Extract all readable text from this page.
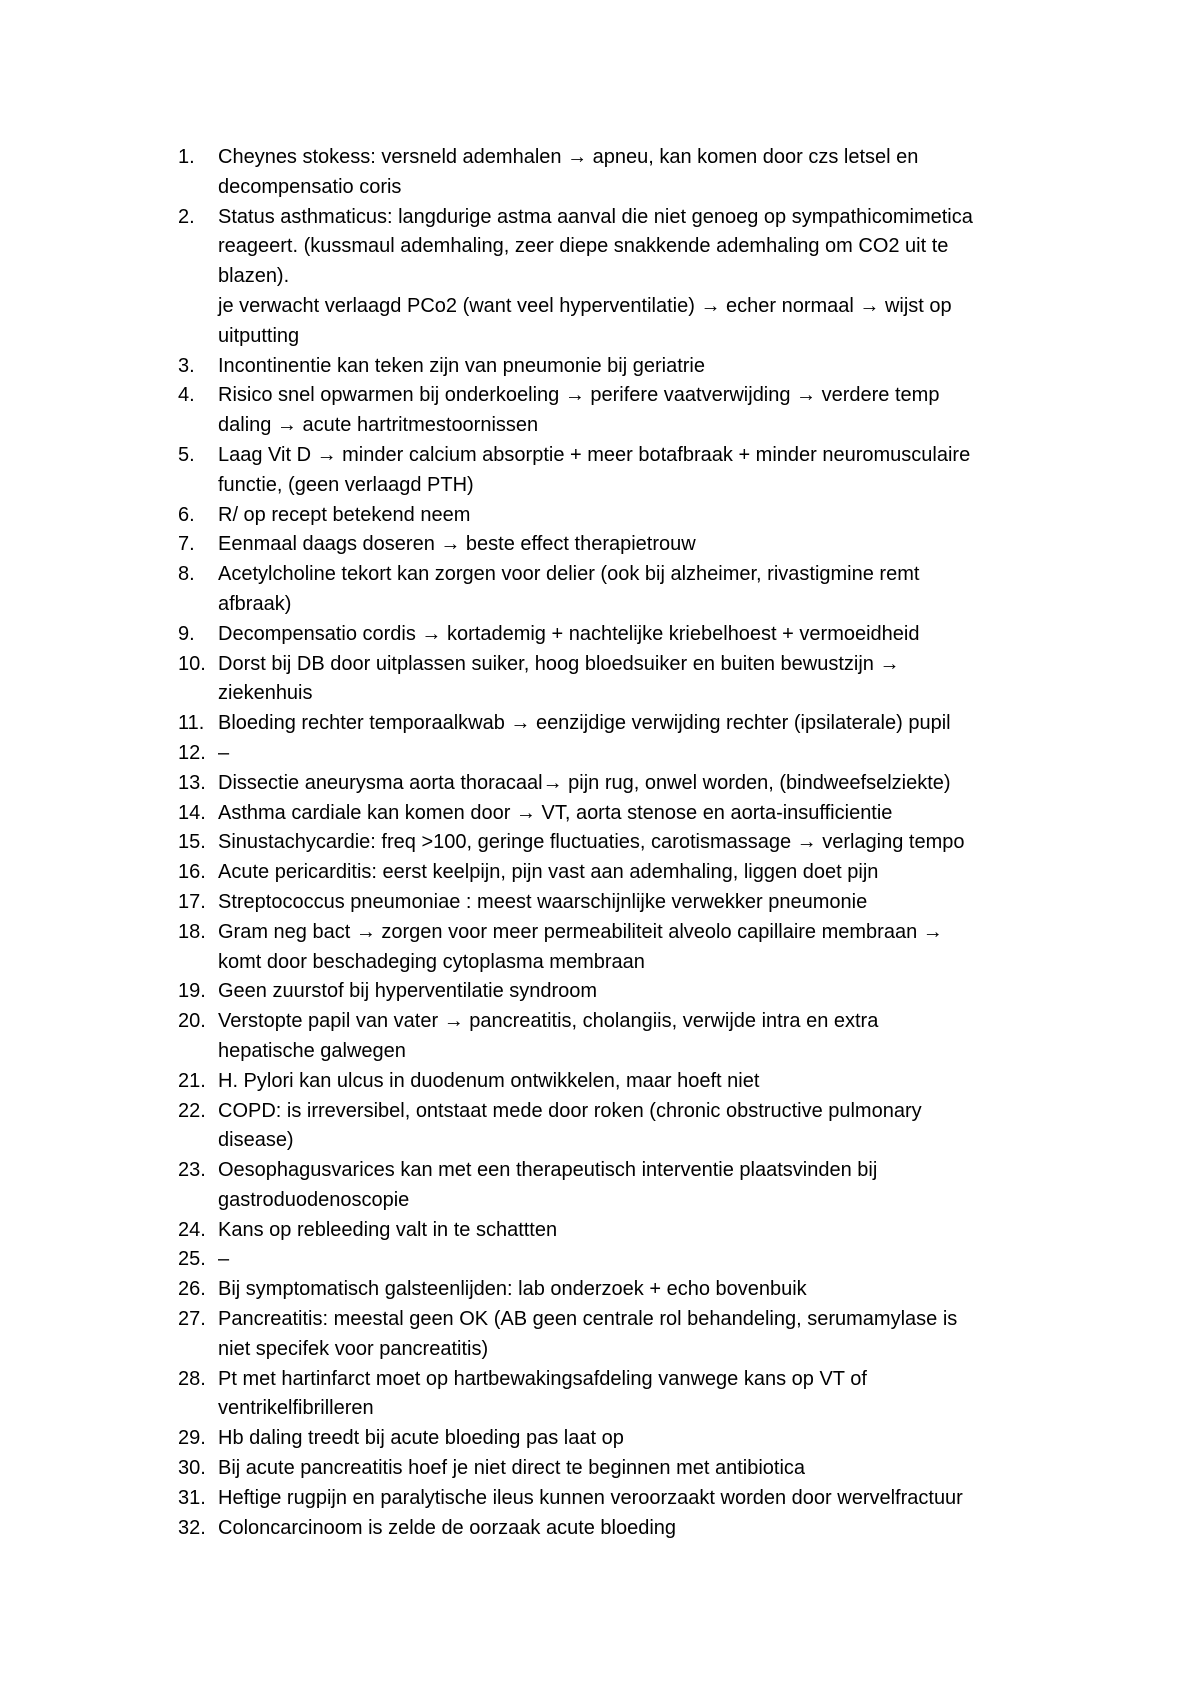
1.	Cheynes stokess: versneld ademhalen → apneu, kan komen door czs letsel en
decompensatio coris
2.	Status asthmaticus: langdurige astma aanval die niet genoeg op sympathicomimetica
reageert. (kussmaul ademhaling, zeer diepe snakkende ademhaling om CO2 uit te
blazen).
je verwacht verlaagd PCo2 (want veel hyperventilatie) → echer normaal → wijst op
uitputting
3.	Incontinentie kan teken zijn van pneumonie bij geriatrie
4.	Risico snel opwarmen bij onderkoeling → perifere vaatverwijding → verdere temp
daling → acute hartritmestoornissen
5.	Laag Vit D → minder calcium absorptie + meer botafbraak + minder neuromusculaire
functie, (geen verlaagd PTH)
6.	R/ op recept betekend neem
7.	Eenmaal daags doseren → beste effect therapietrouw
8.	Acetylcholine tekort kan zorgen voor delier (ook bij alzheimer, rivastigmine remt
afbraak)
9.	Decompensatio cordis → kortademig + nachtelijke kriebelhoest + vermoeidheid
10. Dorst bij DB door uitplassen suiker, hoog bloedsuiker en buiten bewustzijn →
ziekenhuis
11. Bloeding rechter temporaalkwab → eenzijdige verwijding rechter (ipsilaterale) pupil
12. –
13. Dissectie aneurysma aorta thoracaal→ pijn rug, onwel worden, (bindweefselziekte)
14. Asthma cardiale kan komen door → VT, aorta stenose en aorta-insufficientie
15. Sinustachycardie: freq >100, geringe fluctuaties, carotismassage → verlaging tempo
16. Acute pericarditis: eerst keelpijn, pijn vast aan ademhaling, liggen doet pijn
17. Streptococcus pneumoniae : meest waarschijnlijke verwekker pneumonie
18. Gram neg bact → zorgen voor meer permeabiliteit alveolo capillaire membraan →
komt door beschadeging cytoplasma membraan
19. Geen zuurstof bij hyperventilatie syndroom
20. Verstopte papil van vater → pancreatitis, cholangiis, verwijde intra en extra
hepatische galwegen
21. H. Pylori kan ulcus in duodenum ontwikkelen, maar hoeft niet
22. COPD: is irreversibel, ontstaat mede door roken (chronic obstructive pulmonary
disease)
23. Oesophagusvarices kan met een therapeutisch interventie plaatsvinden bij
gastroduodenoscopie
24. Kans op rebleeding valt in te schattten
25. –
26. Bij symptomatisch galsteenlijden: lab onderzoek + echo bovenbuik
27. Pancreatitis: meestal geen OK (AB geen centrale rol behandeling, serumamylase is
niet specifek voor pancreatitis)
28. Pt met hartinfarct moet op hartbewakingsafdeling vanwege kans op VT of
ventrikelfibrilleren
29. Hb daling treedt bij acute bloeding pas laat op
30. Bij acute pancreatitis hoef je niet direct te beginnen met antibiotica
31. Heftige rugpijn en paralytische ileus kunnen veroorzaakt worden door wervelfractuur
32. Coloncarcinoom is zelde de oorzaak acute bloeding
